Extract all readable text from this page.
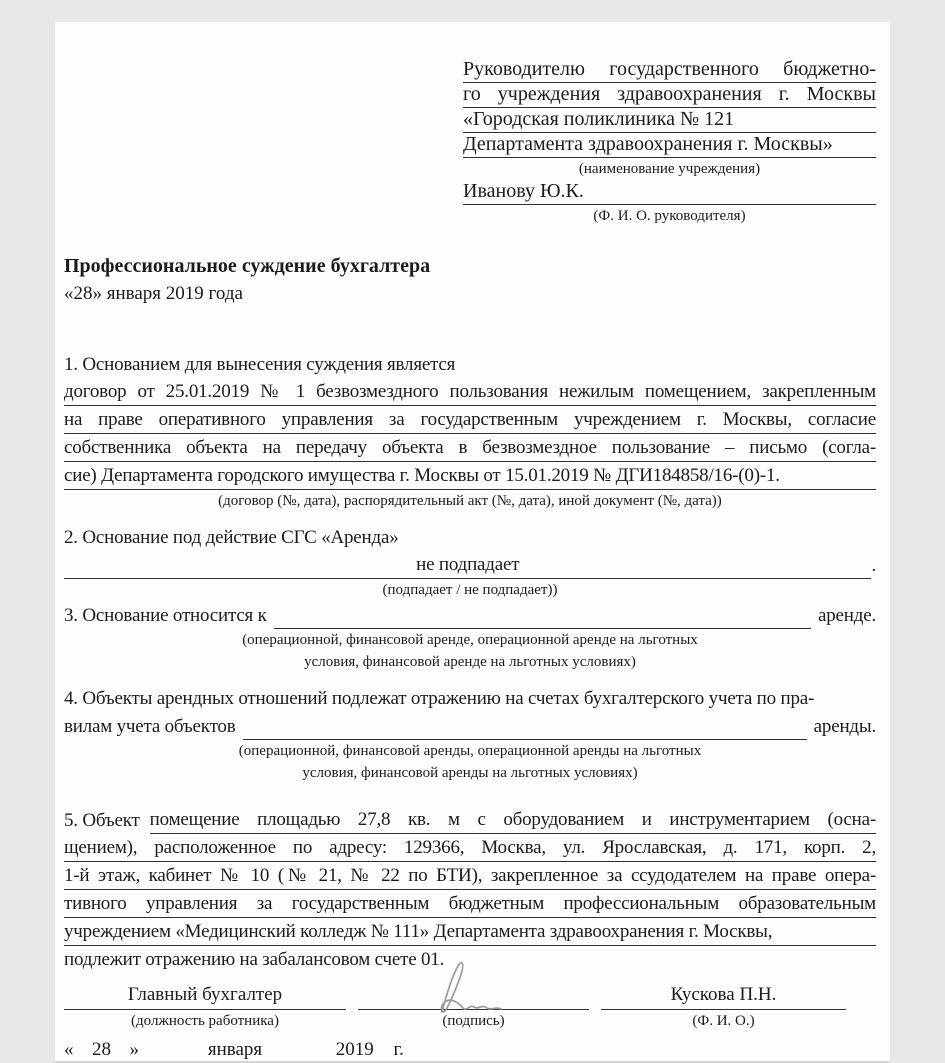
Руководителю государственного бюджетно-
го учреждения здравоохранения г. Москвы
«Городская поликлиника № 121
Департамента здравоохранения г. Москвы»
(наименование учреждения)
Иванову Ю.К.
(Ф. И. О. руководителя)
Профессиональное суждение бухгалтера
«28» января 2019 года
1. Основанием для вынесения суждения является
договор от 25.01.2019 № 1 безвозмездного пользования нежилым помещением, закрепленным
на праве оперативного управления за государственным учреждением г. Москвы, согласие
собственника объекта на передачу объекта в безвозмездное пользование – письмо (согла-
сие) Департамента городского имущества г. Москвы от 15.01.2019 № ДГИ184858/16-(0)-1.
(договор (№, дата), распорядительный акт (№, дата), иной документ (№, дата))
2. Основание под действие СГС «Аренда»
не подпадает	.
(подпадает / не подпадает))
3. Основание относится к	аренде.
(операционной, финансовой аренде, операционной аренде на льготных
условия, финансовой аренде на льготных условиях)
4. Объекты арендных отношений подлежат отражению на счетах бухгалтерского учета по пра-
вилам учета объектов	аренды.
(операционной, финансовой аренды, операционной аренды на льготных
условия, финансовой аренды на льготных условиях)
5. Объект помещение площадью 27,8 кв. м с оборудованием и инструментарием (осна-
щением), расположенное по адресу: 129366, Москва, ул. Ярославская, д. 171, корп. 2,
1-й этаж, кабинет № 10 (№ 21, № 22 по БТИ), закрепленное за ссудодателем на праве опера-
тивного управления за государственным бюджетным профессиональным образовательным
учреждением «Медицинский колледж № 111» Департамента здравоохранения г. Москвы,
подлежит отражению на забалансовом счете 01.
Главный бухгалтер
(должность работника)
	(подпись)
Кускова П.Н.
(Ф. И. О.)
« 28 »	января	2019 г.
